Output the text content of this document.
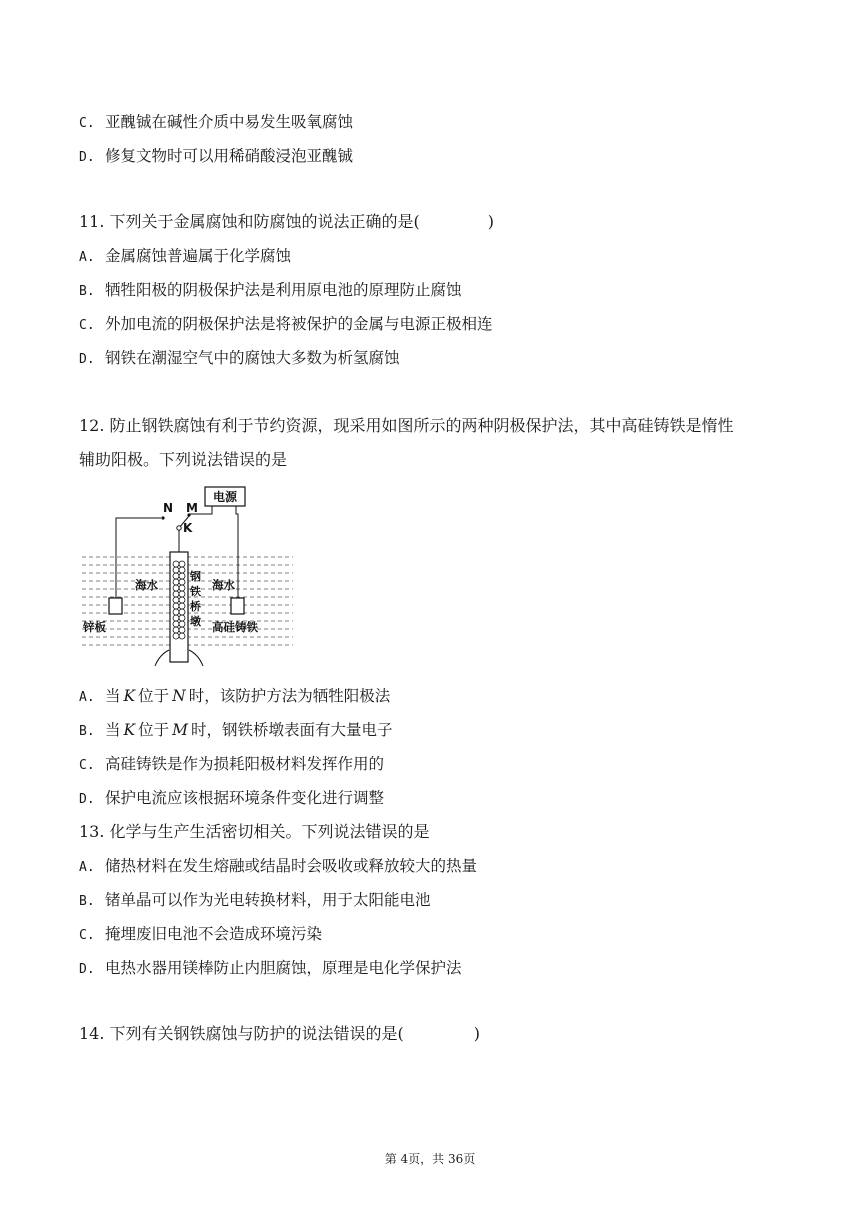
C. 亚醜铖在碱性介质中易发生吸氧腐蚀
D. 修复文物时可以用稀硝酸浸泡亚醜铖
11. 下列关于金属腐蚀和防腐蚀的说法正确的是(	)
A. 金属腐蚀普遍属于化学腐蚀
B. 牺牲阳极的阴极保护法是利用原电池的原理防止腐蚀
C. 外加电流的阴极保护法是将被保护的金属与电源正极相连
D. 钢铁在潮湿空气中的腐蚀大多数为析氢腐蚀
12. 防止钢铁腐蚀有利于节约资源，现采用如图所示的两种阴极保护法，其中高硅铸铁是惰性
辅助阳极。下列说法错误的是
电源
N M
K
海水	海水
钢
铁
桥
墩
锌板	高硅铸铁
A. 当 K 位于 N 时，该防护方法为牺牲阳极法
B. 当 K 位于 M 时，钢铁桥墩表面有大量电子
C. 高硅铸铁是作为损耗阳极材料发挥作用的
D. 保护电流应该根据环境条件变化进行调整
13. 化学与生产生活密切相关。下列说法错误的是
A. 储热材料在发生熔融或结晶时会吸收或释放较大的热量
B. 锗单晶可以作为光电转换材料，用于太阳能电池
C. 掩埋废旧电池不会造成环境污染
D. 电热水器用镁棒防止内胆腐蚀，原理是电化学保护法
14. 下列有关钢铁腐蚀与防护的说法错误的是(	)
第 4页，共 36页
